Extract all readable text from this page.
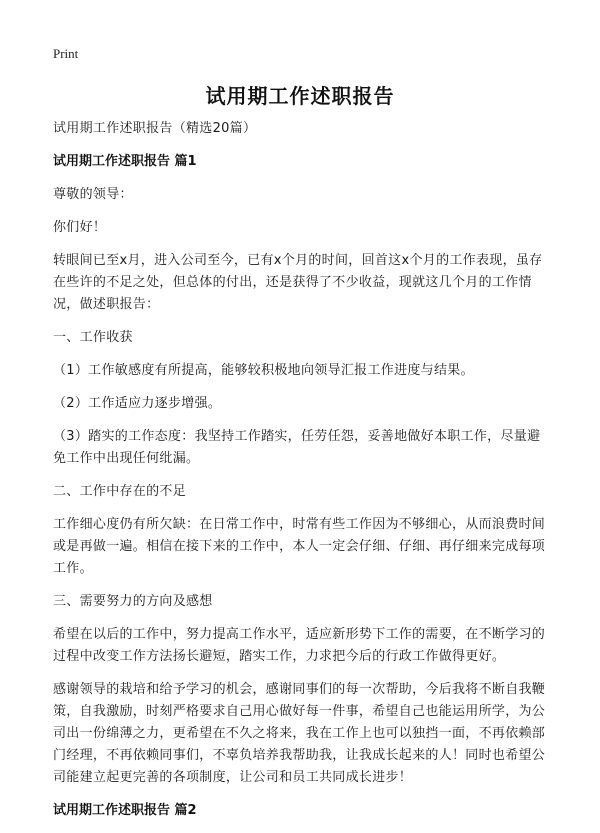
Print
试用期工作述职报告

试用期工作述职报告（精选20篇）

试用期工作述职报告 篇1

尊敬的领导：

你们好！

转眼间已至x月，进入公司至今，已有x个月的时间，回首这x个月的工作表现，虽存在些许的不足之处，但总体的付出，还是获得了不少收益，现就这几个月的工作情况，做述职报告：

一、工作收获

（1）工作敏感度有所提高，能够较积极地向领导汇报工作进度与结果。

（2）工作适应力逐步增强。

（3）踏实的工作态度：我坚持工作踏实，任劳任怨，妥善地做好本职工作，尽量避免工作中出现任何纰漏。

二、工作中存在的不足

工作细心度仍有所欠缺：在日常工作中，时常有些工作因为不够细心，从而浪费时间或是再做一遍。相信在接下来的工作中，本人一定会仔细、仔细、再仔细来完成每项工作。

三、需要努力的方向及感想

希望在以后的工作中，努力提高工作水平，适应新形势下工作的需要，在不断学习的过程中改变工作方法扬长避短，踏实工作，力求把今后的行政工作做得更好。

感谢领导的栽培和给予学习的机会，感谢同事们的每一次帮助，今后我将不断自我鞭策，自我激励，时刻严格要求自己用心做好每一件事，希望自己也能运用所学，为公司出一份绵薄之力，更希望在不久之将来，我在工作上也可以独挡一面，不再依赖部门经理，不再依赖同事们，不辜负培养我帮助我，让我成长起来的人！同时也希望公司能建立起更完善的各项制度，让公司和员工共同成长进步！

试用期工作述职报告 篇2
